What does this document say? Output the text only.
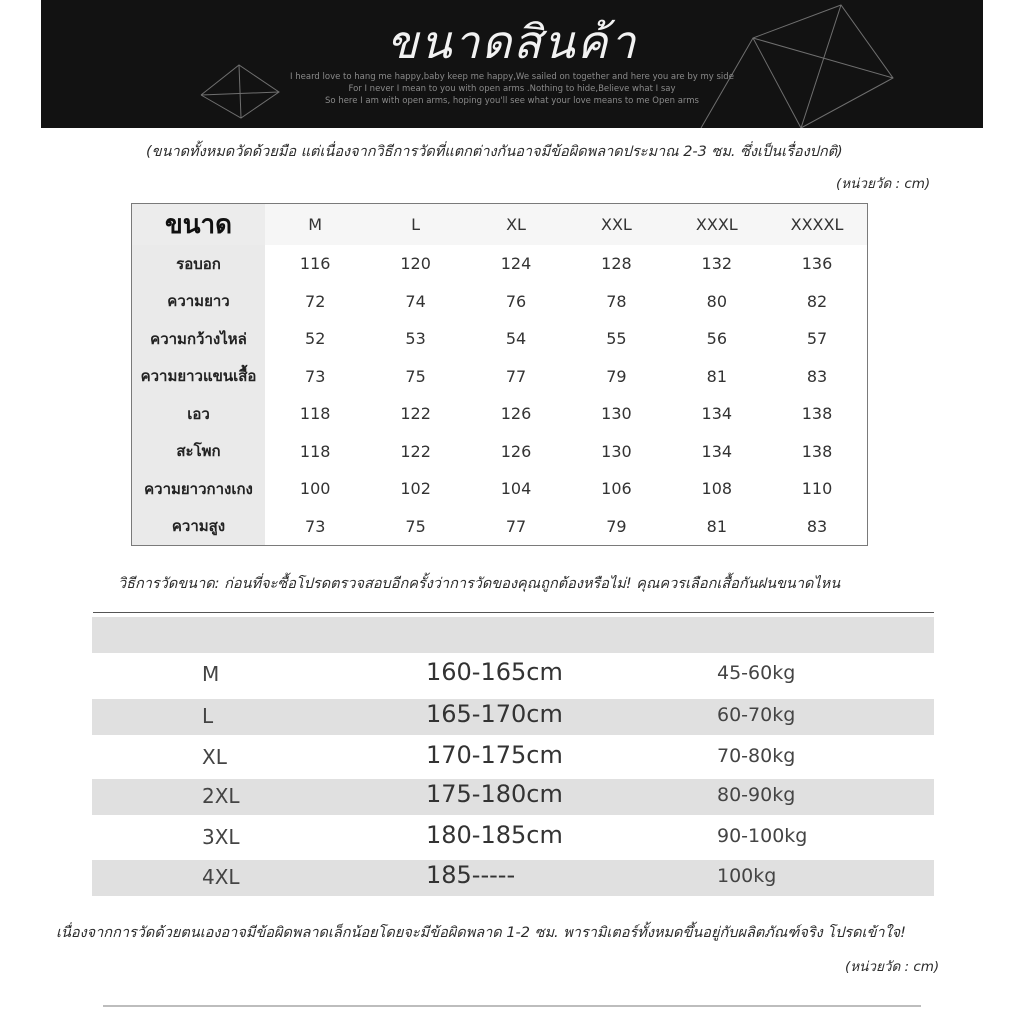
ขนาดสินค้า
I heard love to hang me happy,baby keep me happy,We sailed on together and here you are by my side
For I never I mean to you with open arms .Nothing to hide,Believe what I say
So here I am with open arms, hoping you'll see what your love means to me Open arms
(ขนาดทั้งหมดวัดด้วยมือ แต่เนื่องจากวิธีการวัดที่แตกต่างกันอาจมีข้อผิดพลาดประมาณ 2-3 ซม. ซึ่งเป็นเรื่องปกติ)
(หน่วยวัด : cm)
ขนาด	M	L	XL	XXL	XXXL	XXXXL
รอบอก	116	120	124	128	132	136
ความยาว	72	74	76	78	80	82
ความกว้างไหล่	52	53	54	55	56	57
ความยาวแขนเสื้อ	73	75	77	79	81	83
เอว	118	122	126	130	134	138
สะโพก	118	122	126	130	134	138
ความยาวกางเกง	100	102	104	106	108	110
ความสูง	73	75	77	79	81	83
วิธีการวัดขนาด: ก่อนที่จะซื้อโปรดตรวจสอบอีกครั้งว่าการวัดของคุณถูกต้องหรือไม่! คุณควรเลือกเสื้อกันฝนขนาดไหน
M	160-165cm	45-60kg
L	165-170cm	60-70kg
XL	170-175cm	70-80kg
2XL	175-180cm	80-90kg
3XL	180-185cm	90-100kg
4XL	185-----	100kg
เนื่องจากการวัดด้วยตนเองอาจมีข้อผิดพลาดเล็กน้อยโดยจะมีข้อผิดพลาด 1-2 ซม. พารามิเตอร์ทั้งหมดขึ้นอยู่กับผลิตภัณฑ์จริง โปรดเข้าใจ!
(หน่วยวัด : cm)
